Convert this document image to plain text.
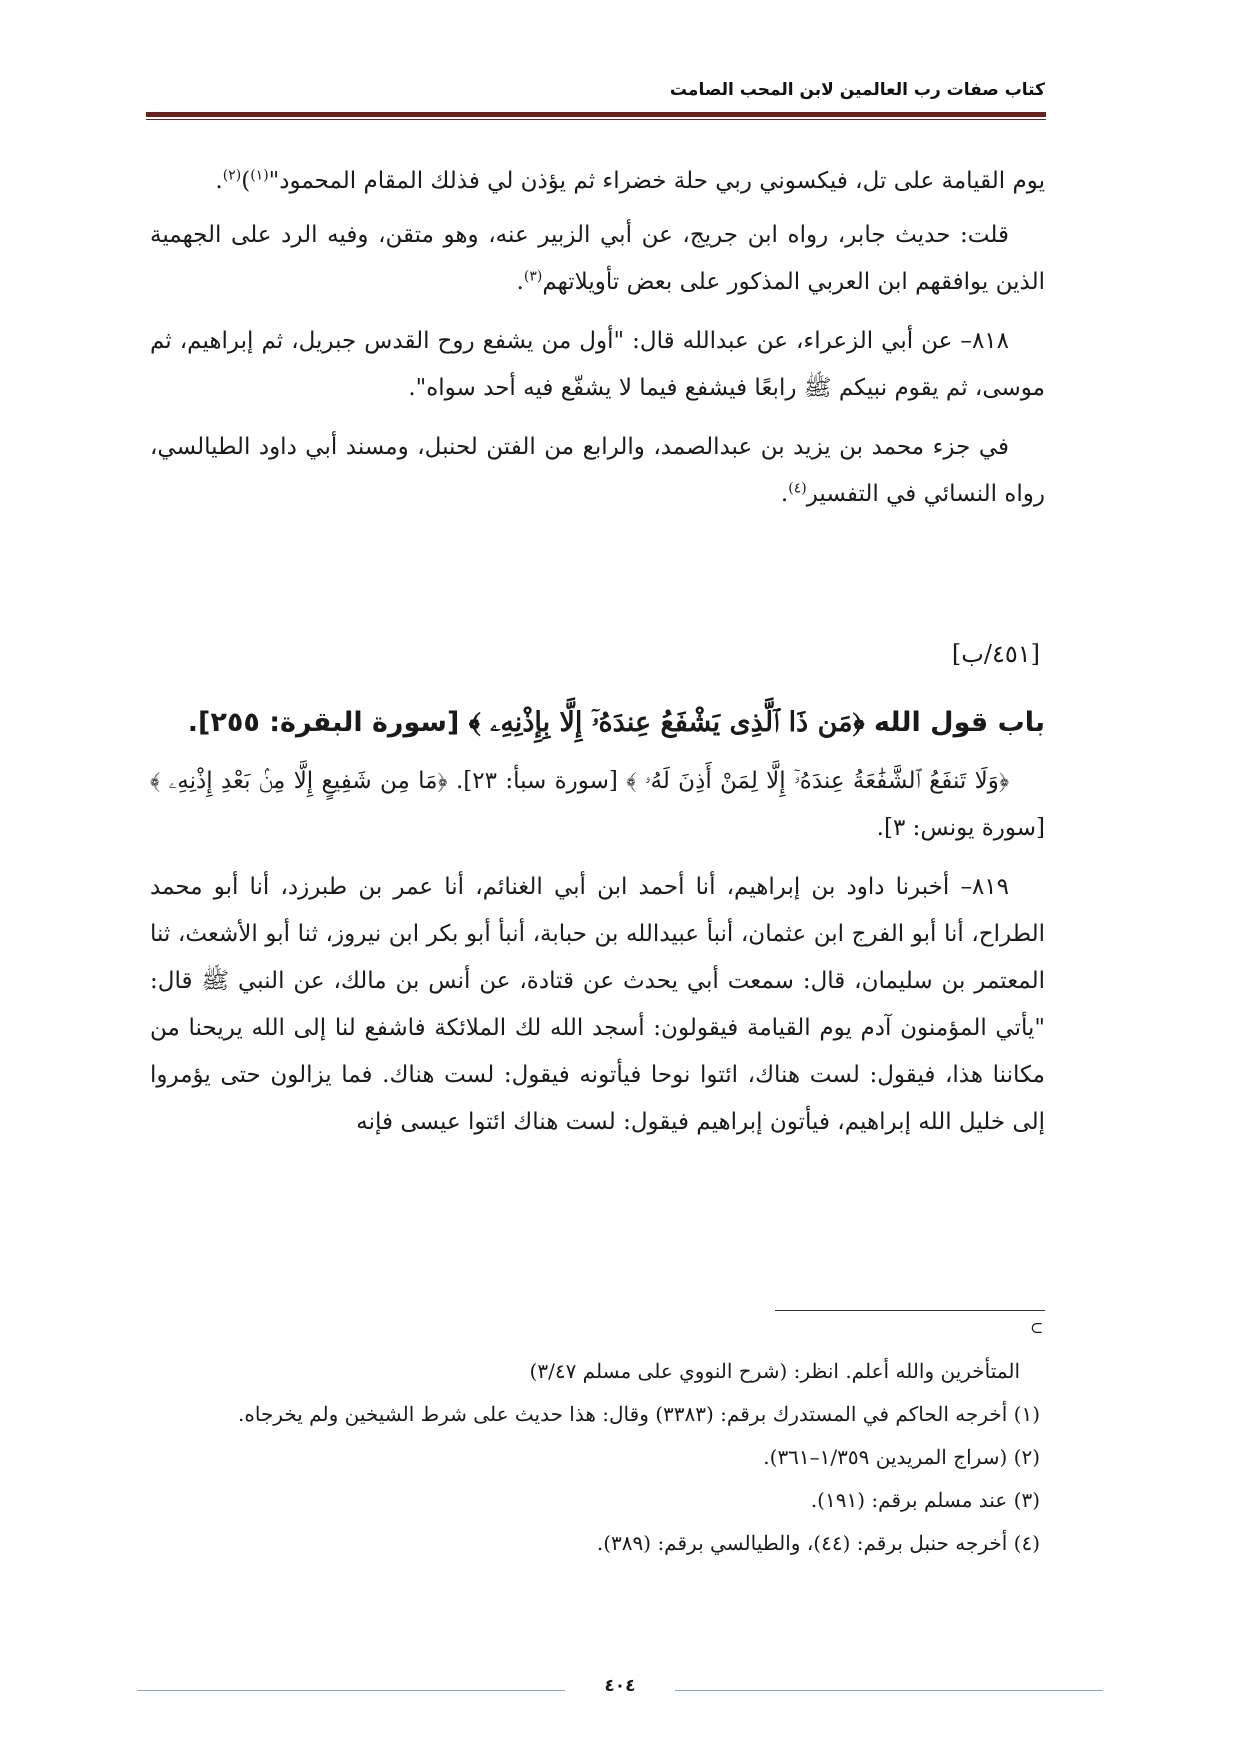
كتاب صفات رب العالمين لابن المحب الصامت

يوم القيامة على تل، فيكسوني ربي حلة خضراء ثم يؤذن لي فذلك المقام المحمود"$^{(١)}$)$^{(٢)}$.

قلت: حديث جابر، رواه ابن جريج، عن أبي الزبير عنه، وهو متقن، وفيه الرد على الجهمية الذين يوافقهم ابن العربي المذكور على بعض تأويلاتهم$^{(٣)}$.

٨١٨– عن أبي الزعراء، عن عبدالله قال: "أول من يشفع روح القدس جبريل، ثم إبراهيم، ثم موسى، ثم يقوم نبيكم ﷺ رابعًا فيشفع فيما لا يشفّع فيه أحد سواه".

في جزء محمد بن يزيد بن عبدالصمد، والرابع من الفتن لحنبل، ومسند أبي داود الطيالسي، رواه النسائي في التفسير$^{(٤)}$.

[٤٥١/ب]
باب قول الله ﴿مَن ذَا ٱلَّذِى يَشْفَعُ عِندَهُۥٓ إِلَّا بِإِذْنِهِۦ ﴾ [سورة البقرة: ٢٥٥].

﴿وَلَا تَنفَعُ ٱلشَّفَٰعَةُ عِندَهُۥٓ إِلَّا لِمَنْ أَذِنَ لَهُۥ ﴾ [سورة سبأ: ٢٣]. ﴿مَا مِن شَفِيعٍ إِلَّا مِنۢ بَعْدِ إِذْنِهِۦ ﴾ [سورة يونس: ٣].

٨١٩– أخبرنا داود بن إبراهيم، أنا أحمد ابن أبي الغنائم، أنا عمر بن طبرزد، أنا أبو محمد الطراح، أنا أبو الفرج ابن عثمان، أنبأ عبيدالله بن حبابة، أنبأ أبو بكر ابن نيروز، ثنا أبو الأشعث، ثنا المعتمر بن سليمان، قال: سمعت أبي يحدث عن قتادة، عن أنس بن مالك، عن النبي ﷺ قال: "يأتي المؤمنون آدم يوم القيامة فيقولون: أسجد الله لك الملائكة فاشفع لنا إلى الله يريحنا من مكاننا هذا، فيقول: لست هناك، ائتوا نوحا فيأتونه فيقول: لست هناك. فما يزالون حتى يؤمروا إلى خليل الله إبراهيم، فيأتون إبراهيم فيقول: لست هناك ائتوا عيسى فإنه

⊃
المتأخرين والله أعلم. انظر: (شرح النووي على مسلم ٣/٤٧)
(١) أخرجه الحاكم في المستدرك برقم: (٣٣٨٣) وقال: هذا حديث على شرط الشيخين ولم يخرجاه.
(٢) (سراج المريدين ١/٣٥٩–٣٦١).
(٣) عند مسلم برقم: (١٩١).
(٤) أخرجه حنبل برقم: (٤٤)، والطيالسي برقم: (٣٨٩).
٤٠٤
